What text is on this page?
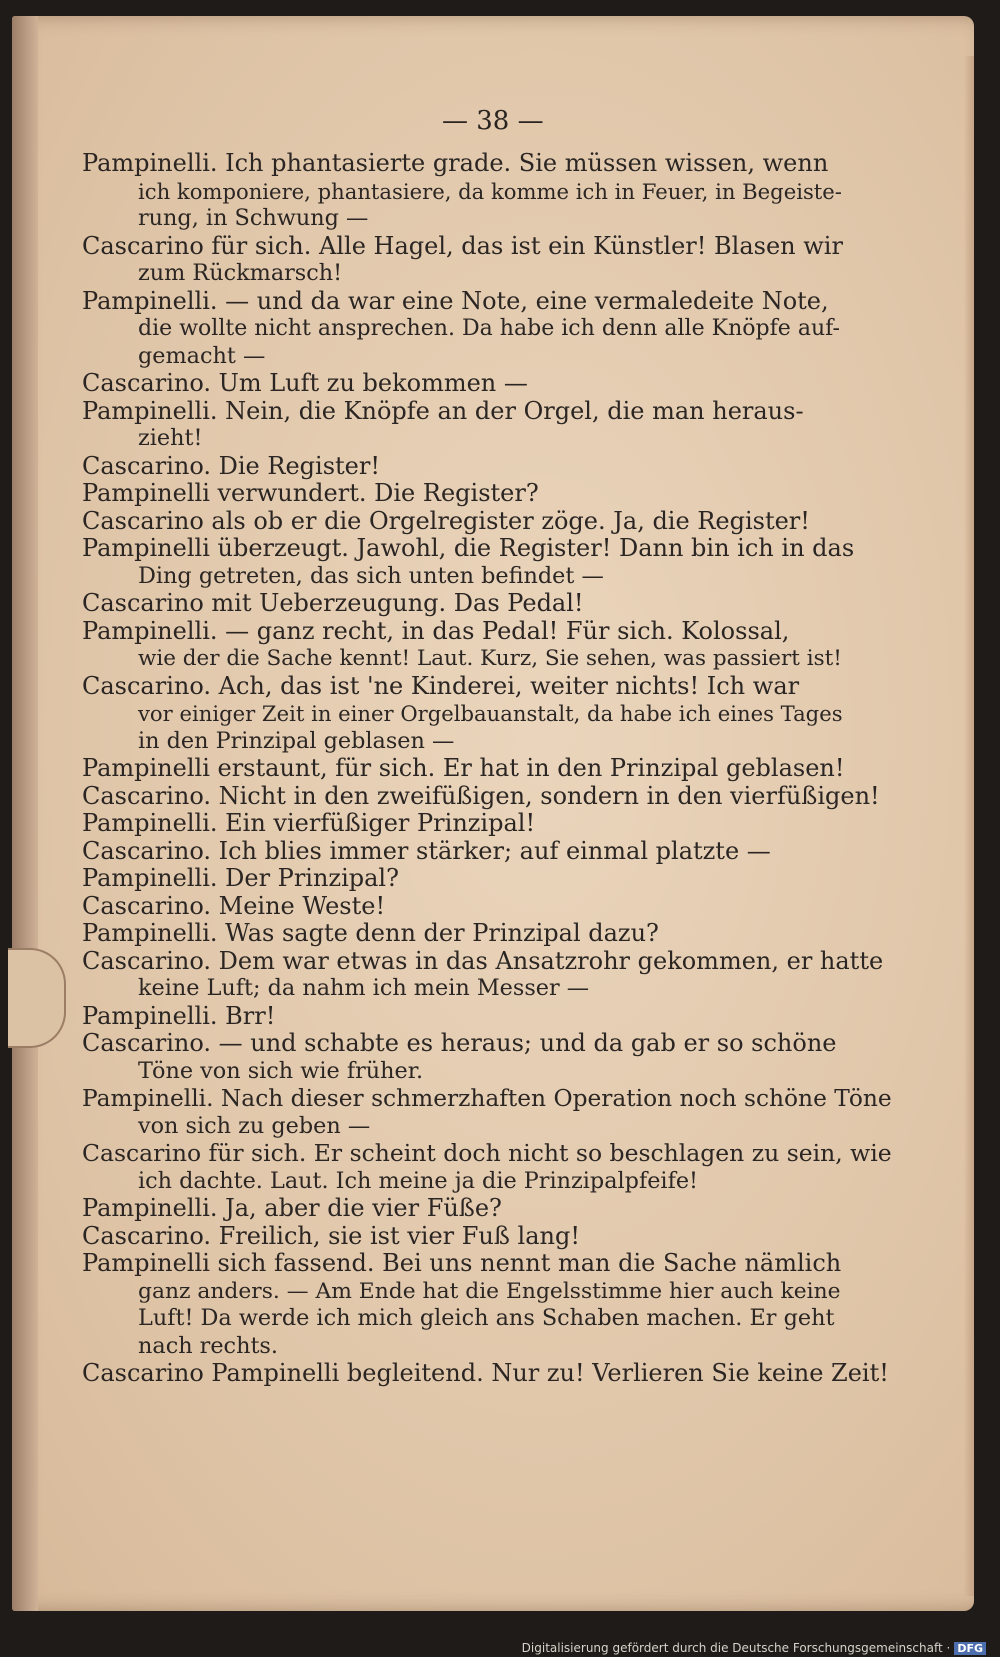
— 38 —
Pampinelli. Ich phantasierte grade. Sie müssen wissen, wenn
ich komponiere, phantasiere, da komme ich in Feuer, in Begeiste-
rung, in Schwung —
Cascarino für sich. Alle Hagel, das ist ein Künstler! Blasen wir
zum Rückmarsch!
Pampinelli. — und da war eine Note, eine vermaledeite Note,
die wollte nicht ansprechen. Da habe ich denn alle Knöpfe auf-
gemacht —
Cascarino. Um Luft zu bekommen —
Pampinelli. Nein, die Knöpfe an der Orgel, die man heraus-
zieht!
Cascarino. Die Register!
Pampinelli verwundert. Die Register?
Cascarino als ob er die Orgelregister zöge. Ja, die Register!
Pampinelli überzeugt. Jawohl, die Register! Dann bin ich in das
Ding getreten, das sich unten befindet —
Cascarino mit Ueberzeugung. Das Pedal!
Pampinelli. — ganz recht, in das Pedal! Für sich. Kolossal,
wie der die Sache kennt! Laut. Kurz, Sie sehen, was passiert ist!
Cascarino. Ach, das ist 'ne Kinderei, weiter nichts! Ich war
vor einiger Zeit in einer Orgelbauanstalt, da habe ich eines Tages
in den Prinzipal geblasen —
Pampinelli erstaunt, für sich. Er hat in den Prinzipal geblasen!
Cascarino. Nicht in den zweifüßigen, sondern in den vierfüßigen!
Pampinelli. Ein vierfüßiger Prinzipal!
Cascarino. Ich blies immer stärker; auf einmal platzte —
Pampinelli. Der Prinzipal?
Cascarino. Meine Weste!
Pampinelli. Was sagte denn der Prinzipal dazu?
Cascarino. Dem war etwas in das Ansatzrohr gekommen, er hatte
keine Luft; da nahm ich mein Messer —
Pampinelli. Brr!
Cascarino. — und schabte es heraus; und da gab er so schöne
Töne von sich wie früher.
Pampinelli. Nach dieser schmerzhaften Operation noch schöne Töne
von sich zu geben —
Cascarino für sich. Er scheint doch nicht so beschlagen zu sein, wie
ich dachte. Laut. Ich meine ja die Prinzipalpfeife!
Pampinelli. Ja, aber die vier Füße?
Cascarino. Freilich, sie ist vier Fuß lang!
Pampinelli sich fassend. Bei uns nennt man die Sache nämlich
ganz anders. — Am Ende hat die Engelsstimme hier auch keine
Luft! Da werde ich mich gleich ans Schaben machen. Er geht
nach rechts.
Cascarino Pampinelli begleitend. Nur zu! Verlieren Sie keine Zeit!
Digitalisierung gefördert durch die Deutsche Forschungsgemeinschaft · DFG
